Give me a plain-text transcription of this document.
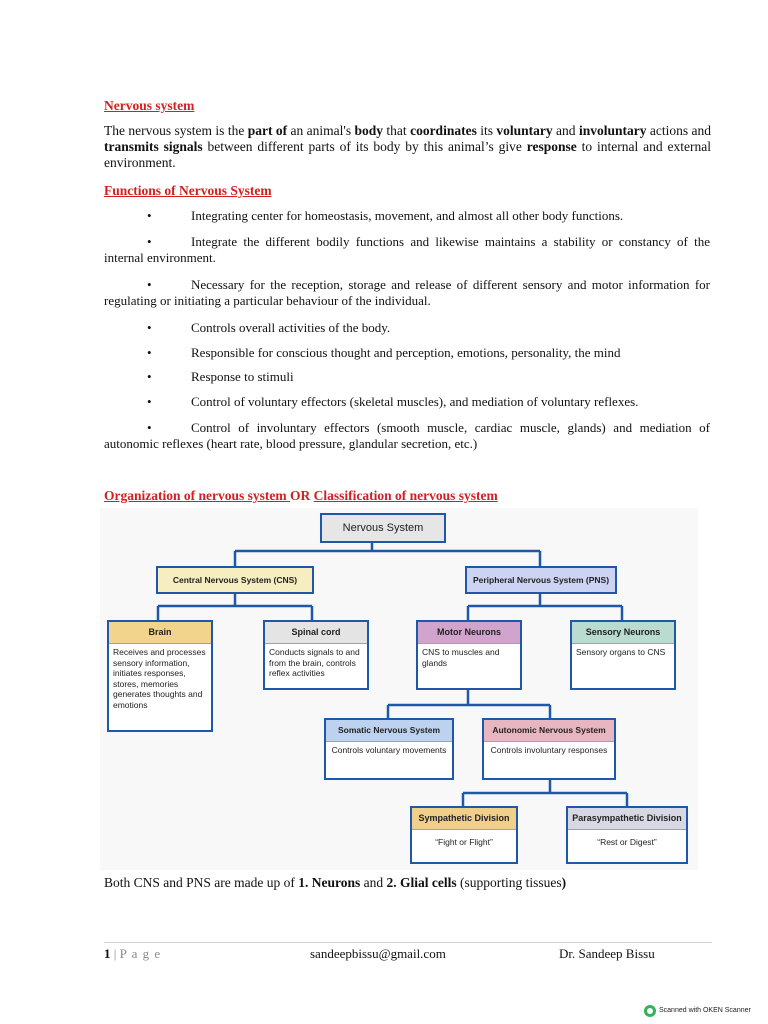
Nervous system
The nervous system is the part of an animal's body that coordinates its voluntary and involuntary actions and transmits signals between different parts of its body by this animal’s give response to internal and external environment.
Functions of Nervous System
•	Integrating center for homeostasis, movement, and almost all other body functions.
•	Integrate the different bodily functions and likewise maintains a stability or constancy of the internal environment.
•	Necessary for the reception, storage and release of different sensory and motor information for regulating or initiating a particular behaviour of the individual.
•	Controls overall activities of the body.
•	Responsible for conscious thought and perception, emotions, personality, the mind
•	Response to stimuli
•	Control of voluntary effectors (skeletal muscles), and mediation of voluntary reflexes.
•	Control of involuntary effectors (smooth muscle, cardiac muscle, glands) and mediation of autonomic reflexes (heart rate, blood pressure, glandular secretion, etc.)
Organization of nervous system OR Classification of nervous system
Nervous System
Central Nervous System (CNS)	Peripheral Nervous System (PNS)
Brain
Receives and processes sensory information, initiates responses, stores, memories generates thoughts and emotions
Spinal cord
Conducts signals to and from the brain, controls reflex activities
Motor Neurons
CNS to muscles and glands
Sensory Neurons
Sensory organs to CNS
Somatic Nervous System
Controls voluntary movements
Autonomic Nervous System
Controls involuntary responses
Sympathetic Division
“Fight or Flight”
Parasympathetic Division
“Rest or Digest”
Both CNS and PNS are made up of 1. Neurons and 2. Glial cells (supporting tissues)
1 | P a g e	sandeepbissu@gmail.com	Dr. Sandeep Bissu
Scanned with OKEN Scanner
